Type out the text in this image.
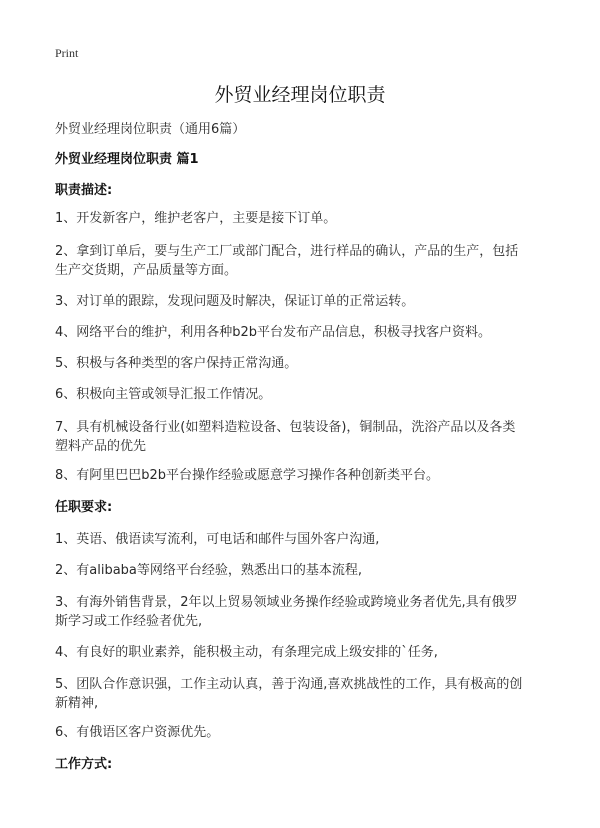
Print
外贸业经理岗位职责
外贸业经理岗位职责（通用6篇）
外贸业经理岗位职责 篇1
职责描述:
1、开发新客户，维护老客户，主要是接下订单。
2、拿到订单后，要与生产工厂或部门配合，进行样品的确认，产品的生产，包括
生产交货期，产品质量等方面。
3、对订单的跟踪，发现问题及时解决，保证订单的正常运转。
4、网络平台的维护，利用各种b2b平台发布产品信息，积极寻找客户资料。
5、积极与各种类型的客户保持正常沟通。
6、积极向主管或领导汇报工作情况。
7、具有机械设备行业(如塑料造粒设备、包装设备)，铜制品，洗浴产品以及各类
塑料产品的优先
8、有阿里巴巴b2b平台操作经验或愿意学习操作各种创新类平台。
任职要求:
1、英语、俄语读写流利，可电话和邮件与国外客户沟通,
2、有alibaba等网络平台经验，熟悉出口的基本流程,
3、有海外销售背景，2年以上贸易领域业务操作经验或跨境业务者优先,具有俄罗
斯学习或工作经验者优先,
4、有良好的职业素养，能积极主动，有条理完成上级安排的`任务,
5、团队合作意识强，工作主动认真，善于沟通,喜欢挑战性的工作，具有极高的创
新精神,
6、有俄语区客户资源优先。
工作方式:
